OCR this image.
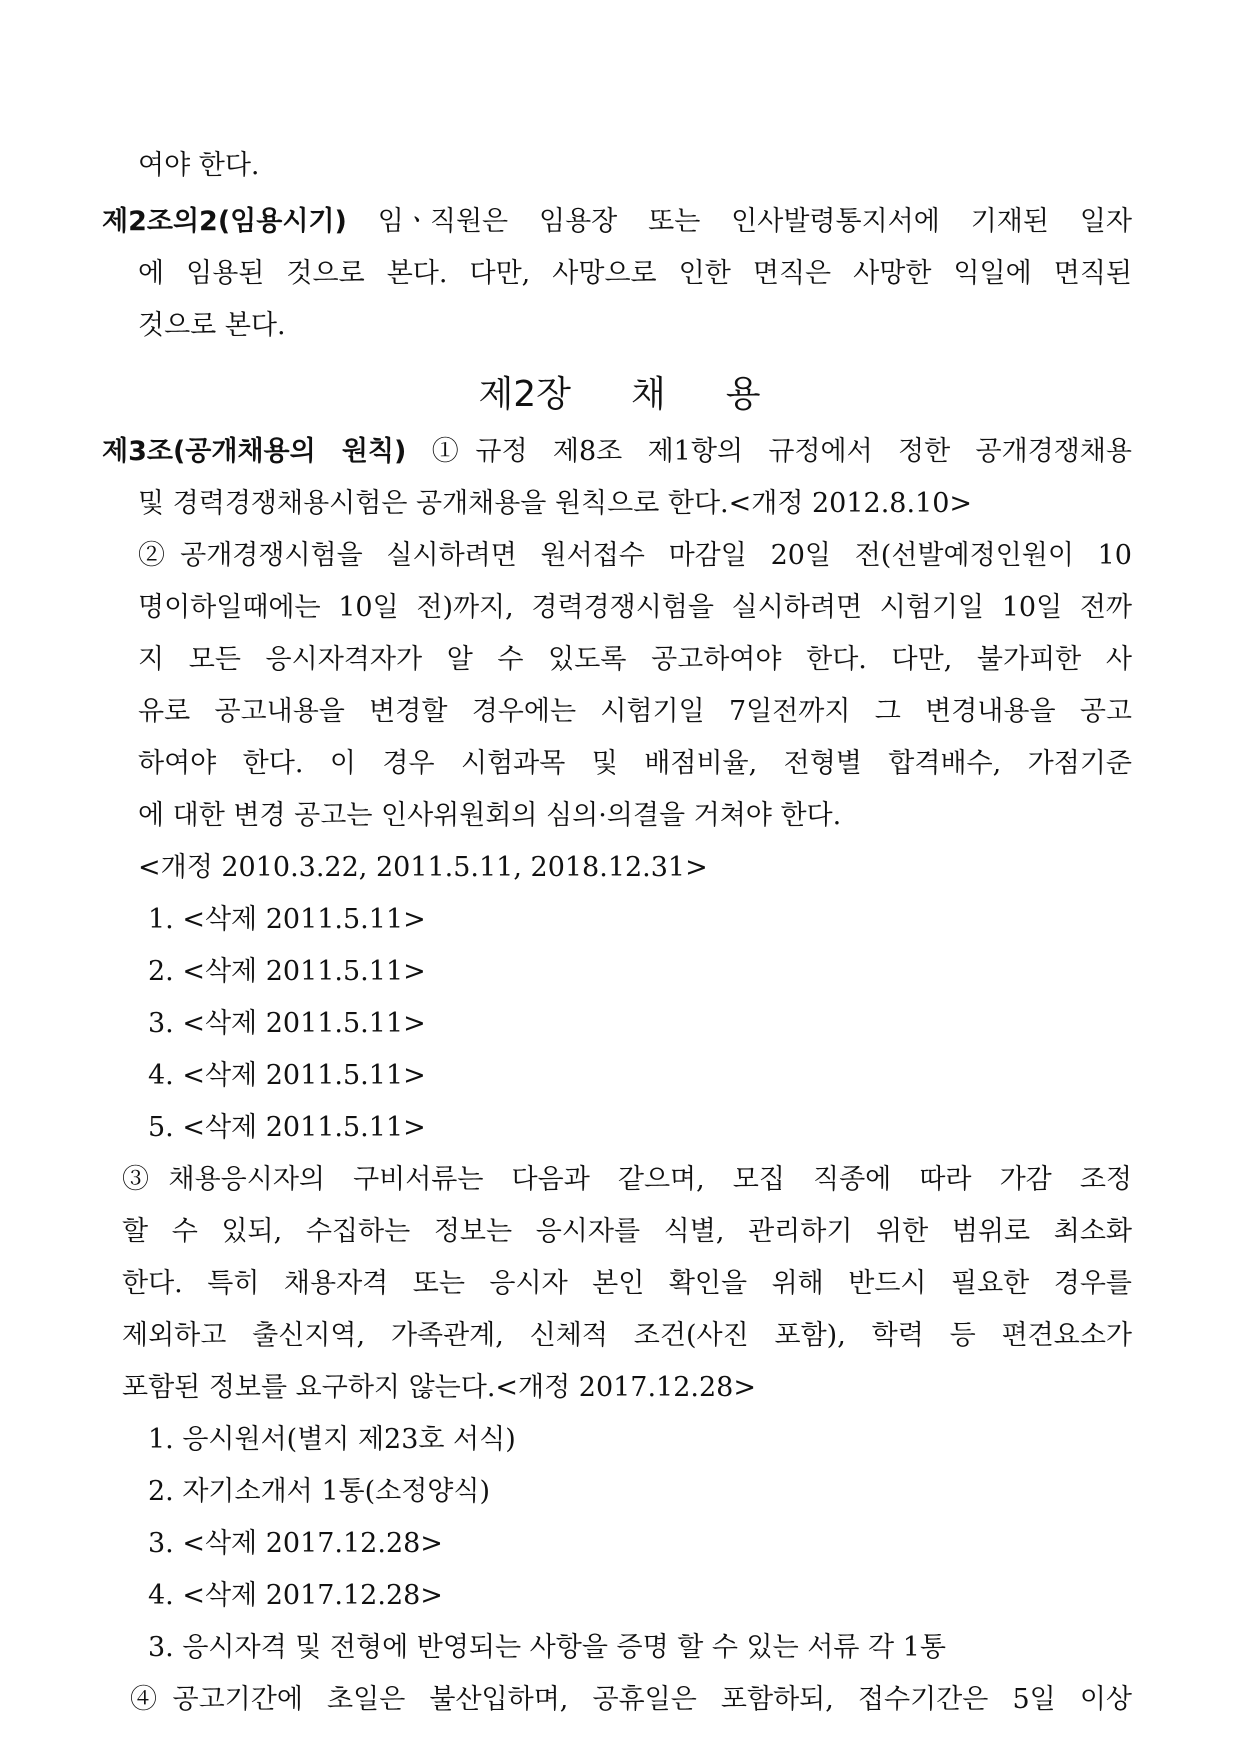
여야 한다.
제2조의2(임용시기) 임ㆍ직원은 임용장 또는 인사발령통지서에 기재된 일자
에 임용된 것으로 본다. 다만, 사망으로 인한 면직은 사망한 익일에 면직된
것으로 본다.
제2장 채 용
제3조(공개채용의 원칙) ①규정 제8조 제1항의 규정에서 정한 공개경쟁채용
및 경력경쟁채용시험은 공개채용을 원칙으로 한다.<개정 2012.8.10>
②공개경쟁시험을 실시하려면 원서접수 마감일 20일 전(선발예정인원이 10
명이하일때에는 10일 전)까지, 경력경쟁시험을 실시하려면 시험기일 10일 전까
지 모든 응시자격자가 알 수 있도록 공고하여야 한다. 다만, 불가피한 사
유로 공고내용을 변경할 경우에는 시험기일 7일전까지 그 변경내용을 공고
하여야 한다. 이 경우 시험과목 및 배점비율, 전형별 합격배수, 가점기준
에 대한 변경 공고는 인사위원회의 심의·의결을 거쳐야 한다.
<개정 2010.3.22, 2011.5.11, 2018.12.31>
1. <삭제 2011.5.11>
2. <삭제 2011.5.11>
3. <삭제 2011.5.11>
4. <삭제 2011.5.11>
5. <삭제 2011.5.11>
③채용응시자의 구비서류는 다음과 같으며, 모집 직종에 따라 가감 조정
할 수 있되, 수집하는 정보는 응시자를 식별, 관리하기 위한 범위로 최소화
한다. 특히 채용자격 또는 응시자 본인 확인을 위해 반드시 필요한 경우를
제외하고 출신지역, 가족관계, 신체적 조건(사진 포함), 학력 등 편견요소가
포함된 정보를 요구하지 않는다.<개정 2017.12.28>
1. 응시원서(별지 제23호 서식)
2. 자기소개서 1통(소정양식)
3. <삭제 2017.12.28>
4. <삭제 2017.12.28>
3. 응시자격 및 전형에 반영되는 사항을 증명 할 수 있는 서류 각 1통
④공고기간에 초일은 불산입하며, 공휴일은 포함하되, 접수기간은 5일 이상
